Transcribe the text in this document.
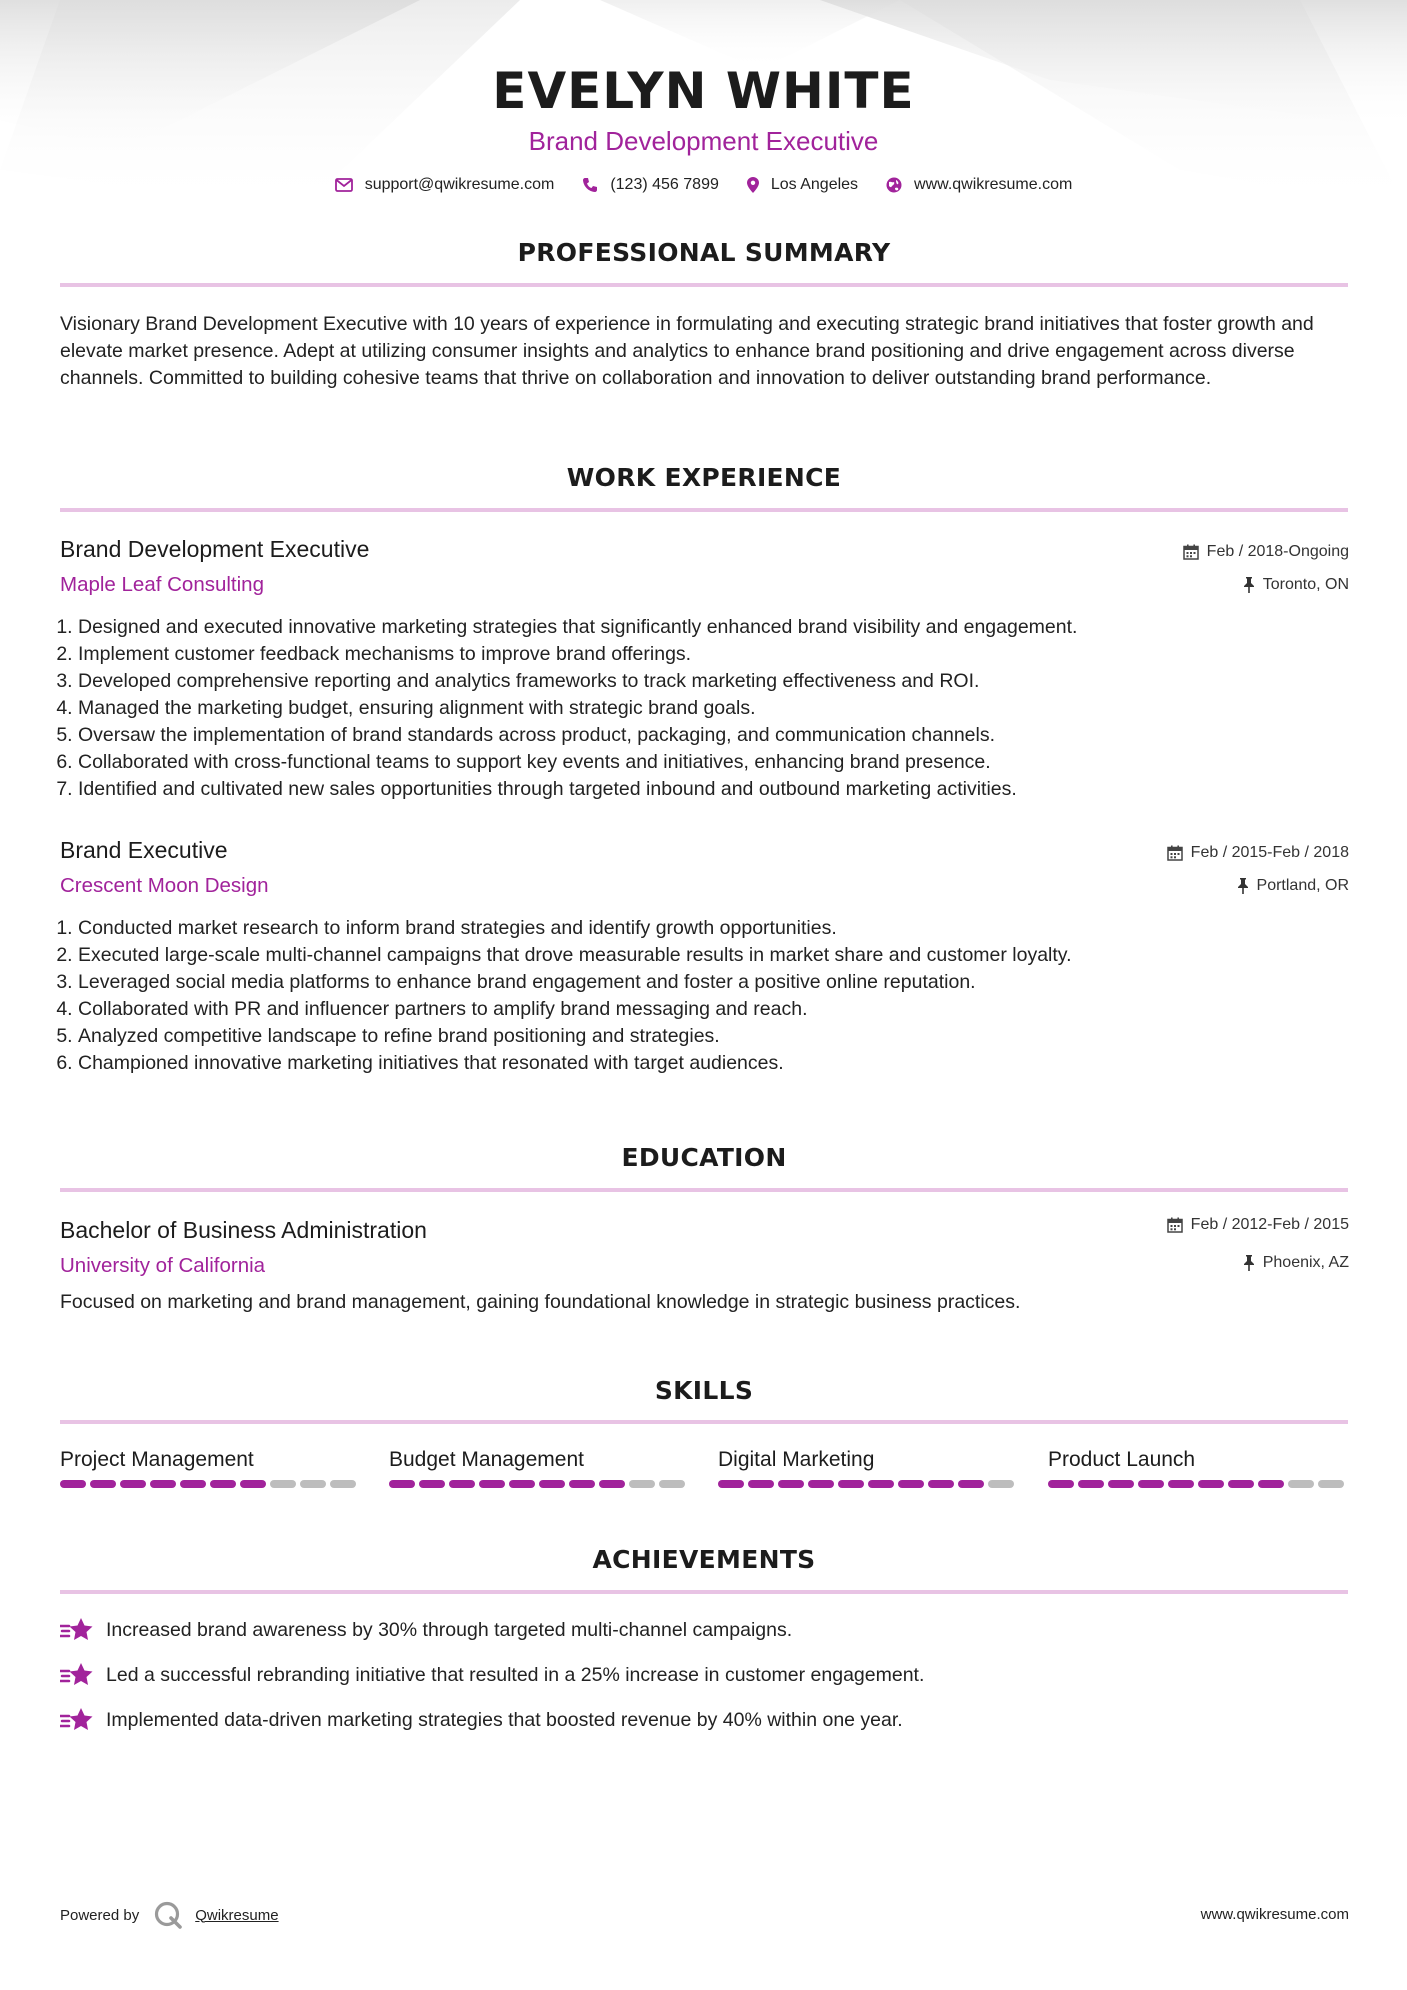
EVELYN WHITE
Brand Development Executive
support@qwikresume.com	(123) 456 7899	Los Angeles	www.qwikresume.com
PROFESSIONAL SUMMARY
Visionary Brand Development Executive with 10 years of experience in formulating and executing strategic brand initiatives that foster growth and elevate market presence. Adept at utilizing consumer insights and analytics to enhance brand positioning and drive engagement across diverse channels. Committed to building cohesive teams that thrive on collaboration and innovation to deliver outstanding brand performance.
WORK EXPERIENCE
Brand Development Executive
Maple Leaf Consulting
Feb / 2018-Ongoing
Toronto, ON
1. Designed and executed innovative marketing strategies that significantly enhanced brand visibility and engagement.
2. Implement customer feedback mechanisms to improve brand offerings.
3. Developed comprehensive reporting and analytics frameworks to track marketing effectiveness and ROI.
4. Managed the marketing budget, ensuring alignment with strategic brand goals.
5. Oversaw the implementation of brand standards across product, packaging, and communication channels.
6. Collaborated with cross-functional teams to support key events and initiatives, enhancing brand presence.
7. Identified and cultivated new sales opportunities through targeted inbound and outbound marketing activities.
Brand Executive
Crescent Moon Design
Feb / 2015-Feb / 2018
Portland, OR
1. Conducted market research to inform brand strategies and identify growth opportunities.
2. Executed large-scale multi-channel campaigns that drove measurable results in market share and customer loyalty.
3. Leveraged social media platforms to enhance brand engagement and foster a positive online reputation.
4. Collaborated with PR and influencer partners to amplify brand messaging and reach.
5. Analyzed competitive landscape to refine brand positioning and strategies.
6. Championed innovative marketing initiatives that resonated with target audiences.
EDUCATION
Bachelor of Business Administration
University of California
Feb / 2012-Feb / 2015
Phoenix, AZ
Focused on marketing and brand management, gaining foundational knowledge in strategic business practices.
SKILLS
Project Management	Budget Management	Digital Marketing	Product Launch
ACHIEVEMENTS
Increased brand awareness by 30% through targeted multi-channel campaigns.
Led a successful rebranding initiative that resulted in a 25% increase in customer engagement.
Implemented data-driven marketing strategies that boosted revenue by 40% within one year.
Powered by	Qwikresume	www.qwikresume.com
